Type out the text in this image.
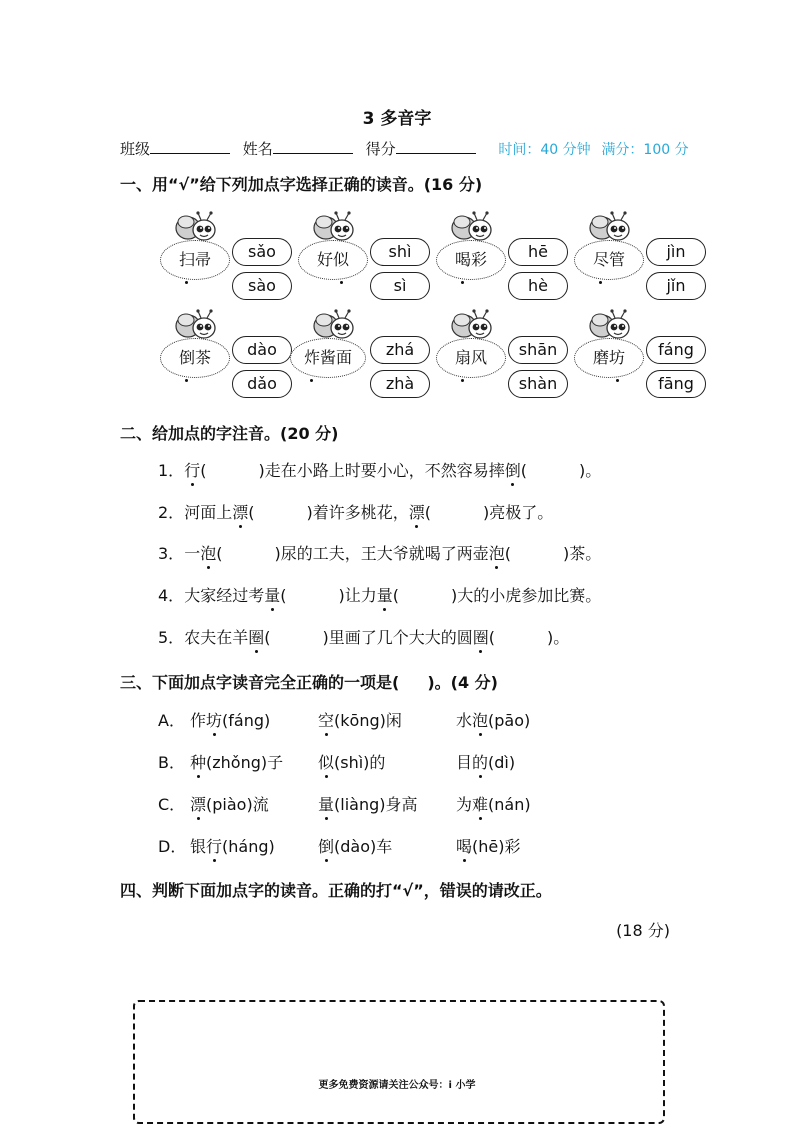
3 多音字
班级	姓名	得分	时间：40 分钟 满分：100 分
一、用“√”给下列加点字选择正确的读音。(16 分)
扫帚	sǎo
sào
好似	shì
sì
喝彩	hē
hè
尽管	jìn
jǐn
倒茶	dào
dǎo
炸酱面	zhá
zhà
扇风	shān
shàn
磨坊	fáng
fāng
二、给加点的字注音。(20 分)
1．行(	)走在小路上时要小心，不然容易摔倒(	)。
2．河面上漂(	)着许多桃花，漂(	)亮极了。
3．一泡(	)尿的工夫，王大爷就喝了两壶泡(	)茶。
4．大家经过考量(	)让力量(	)大的小虎参加比赛。
5．农夫在羊圈(	)里画了几个大大的圆圈(	)。
三、下面加点字读音完全正确的一项是( )。(4 分)
A． 作坊(fáng)	空(kōng)闲	水泡(pāo)
B． 种(zhǒng)子 似(shì)的	目的(dì)
C． 漂(piào)流	量(liàng)身高 为难(nán)
D． 银行(háng)	倒(dào)车	喝(hē)彩
四、判断下面加点字的读音。正确的打“√”，错误的请改正。
(18 分)
更多免费资源请关注公众号：i 小学
